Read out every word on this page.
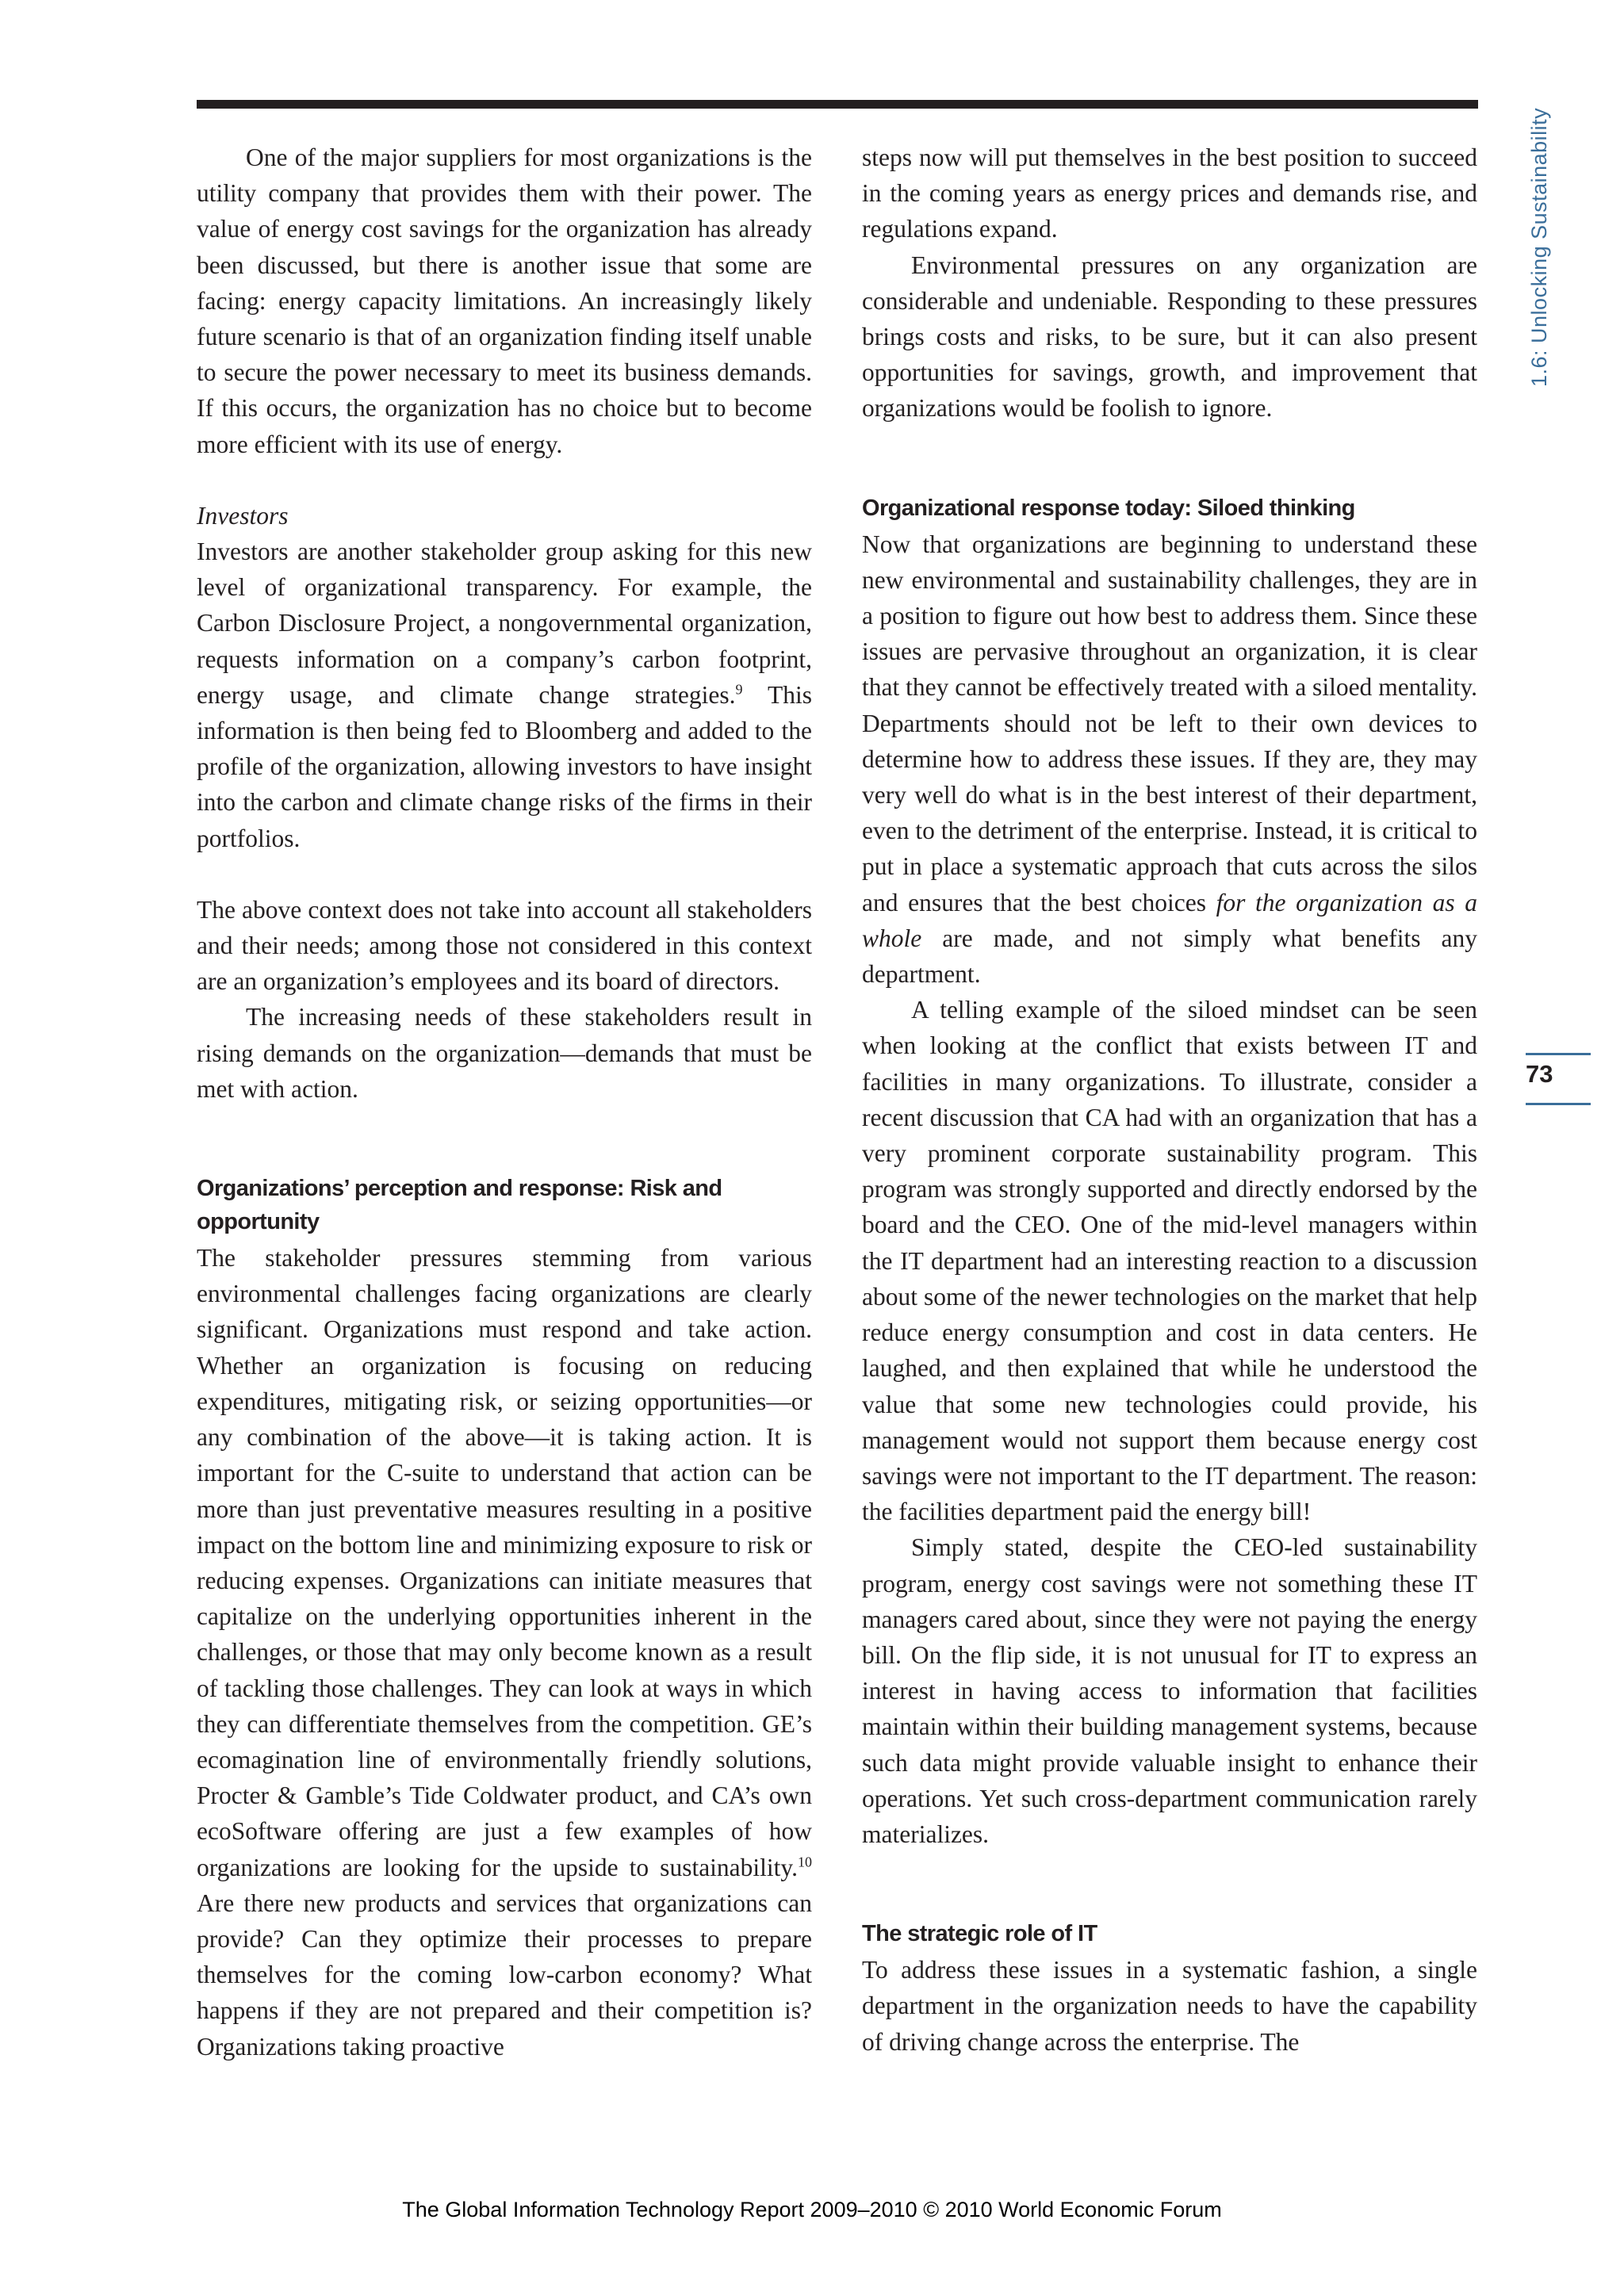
One of the major suppliers for most organizations is the utility company that provides them with their power. The value of energy cost savings for the organization has already been discussed, but there is another issue that some are facing: energy capacity limitations. An increasingly likely future scenario is that of an organization finding itself unable to secure the power necessary to meet its business demands. If this occurs, the organization has no choice but to become more efficient with its use of energy.

Investors

Investors are another stakeholder group asking for this new level of organizational transparency. For example, the Carbon Disclosure Project, a nongovernmental organization, requests information on a company’s carbon footprint, energy usage, and climate change strategies.$^9$ This information is then being fed to Bloomberg and added to the profile of the organization, allowing investors to have insight into the carbon and climate change risks of the firms in their portfolios.

The above context does not take into account all stakeholders and their needs; among those not considered in this context are an organization’s employees and its board of directors.

The increasing needs of these stakeholders result in rising demands on the organization—demands that must be met with action.

Organizations’ perception and response: Risk and opportunity

The stakeholder pressures stemming from various environmental challenges facing organizations are clearly significant. Organizations must respond and take action. Whether an organization is focusing on reducing expenditures, mitigating risk, or seizing opportunities—or any combination of the above—it is taking action. It is important for the C-suite to understand that action can be more than just preventative measures resulting in a positive impact on the bottom line and minimizing exposure to risk or reducing expenses. Organizations can initiate measures that capitalize on the underlying opportunities inherent in the challenges, or those that may only become known as a result of tackling those challenges. They can look at ways in which they can differentiate themselves from the competition. GE’s ecomagination line of environmentally friendly solutions, Procter & Gamble’s Tide Coldwater product, and CA’s own ecoSoftware offering are just a few examples of how organizations are looking for the upside to sustainability.$^{10}$ Are there new products and services that organizations can provide? Can they optimize their processes to prepare themselves for the coming low-carbon economy? What happens if they are not prepared and their competition is? Organizations taking proactive

steps now will put themselves in the best position to succeed in the coming years as energy prices and demands rise, and regulations expand.

Environmental pressures on any organization are considerable and undeniable. Responding to these pressures brings costs and risks, to be sure, but it can also present opportunities for savings, growth, and improvement that organizations would be foolish to ignore.

Organizational response today: Siloed thinking

Now that organizations are beginning to understand these new environmental and sustainability challenges, they are in a position to figure out how best to address them. Since these issues are pervasive throughout an organization, it is clear that they cannot be effectively treated with a siloed mentality. Departments should not be left to their own devices to determine how to address these issues. If they are, they may very well do what is in the best interest of their department, even to the detriment of the enterprise. Instead, it is critical to put in place a systematic approach that cuts across the silos and ensures that the best choices for the organization as a whole are made, and not simply what benefits any department.

A telling example of the siloed mindset can be seen when looking at the conflict that exists between IT and facilities in many organizations. To illustrate, consider a recent discussion that CA had with an organization that has a very prominent corporate sustainability program. This program was strongly supported and directly endorsed by the board and the CEO. One of the mid-level managers within the IT department had an interesting reaction to a discussion about some of the newer technologies on the market that help reduce energy consumption and cost in data centers. He laughed, and then explained that while he understood the value that some new technologies could provide, his management would not support them because energy cost savings were not important to the IT department. The reason: the facilities department paid the energy bill!

Simply stated, despite the CEO-led sustainability program, energy cost savings were not something these IT managers cared about, since they were not paying the energy bill. On the flip side, it is not unusual for IT to express an interest in having access to information that facilities maintain within their building management systems, because such data might provide valuable insight to enhance their operations. Yet such cross-department communication rarely materializes.

The strategic role of IT

To address these issues in a systematic fashion, a single department in the organization needs to have the capability of driving change across the enterprise. The

1.6: Unlocking Sustainability
73
The Global Information Technology Report 2009–2010 © 2010 World Economic Forum
